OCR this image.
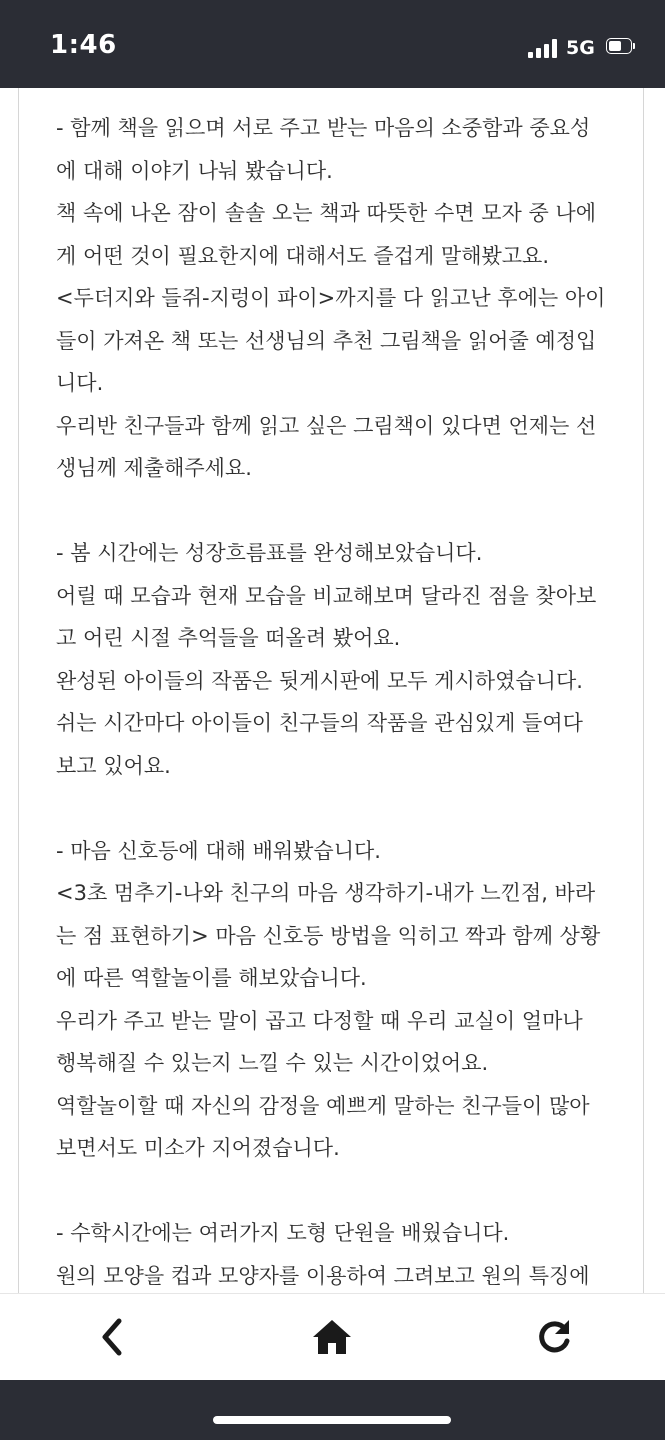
1:46	5G

- 함께 책을 읽으며 서로 주고 받는 마음의 소중함과 중요성

에 대해 이야기 나눠 봤습니다.

책 속에 나온 잠이 솔솔 오는 책과 따뜻한 수면 모자 중 나에

게 어떤 것이 필요한지에 대해서도 즐겁게 말해봤고요.

<두더지와 들쥐-지렁이 파이>까지를 다 읽고난 후에는 아이

들이 가져온 책 또는 선생님의 추천 그림책을 읽어줄 예정입

니다.

우리반 친구들과 함께 읽고 싶은 그림책이 있다면 언제는 선

생님께 제출해주세요.

- 봄 시간에는 성장흐름표를 완성해보았습니다.

어릴 때 모습과 현재 모습을 비교해보며 달라진 점을 찾아보

고 어린 시절 추억들을 떠올려 봤어요.

완성된 아이들의 작품은 뒷게시판에 모두 게시하였습니다.

쉬는 시간마다 아이들이 친구들의 작품을 관심있게 들여다

보고 있어요.

- 마음 신호등에 대해 배워봤습니다.

<3초 멈추기-나와 친구의 마음 생각하기-내가 느낀점, 바라

는 점 표현하기> 마음 신호등 방법을 익히고 짝과 함께 상황

에 따른 역할놀이를 해보았습니다.

우리가 주고 받는 말이 곱고 다정할 때 우리 교실이 얼마나

행복해질 수 있는지 느낄 수 있는 시간이었어요.

역할놀이할 때 자신의 감정을 예쁘게 말하는 친구들이 많아

보면서도 미소가 지어졌습니다.

- 수학시간에는 여러가지 도형 단원을 배웠습니다.

원의 모양을 컵과 모양자를 이용하여 그려보고 원의 특징에
